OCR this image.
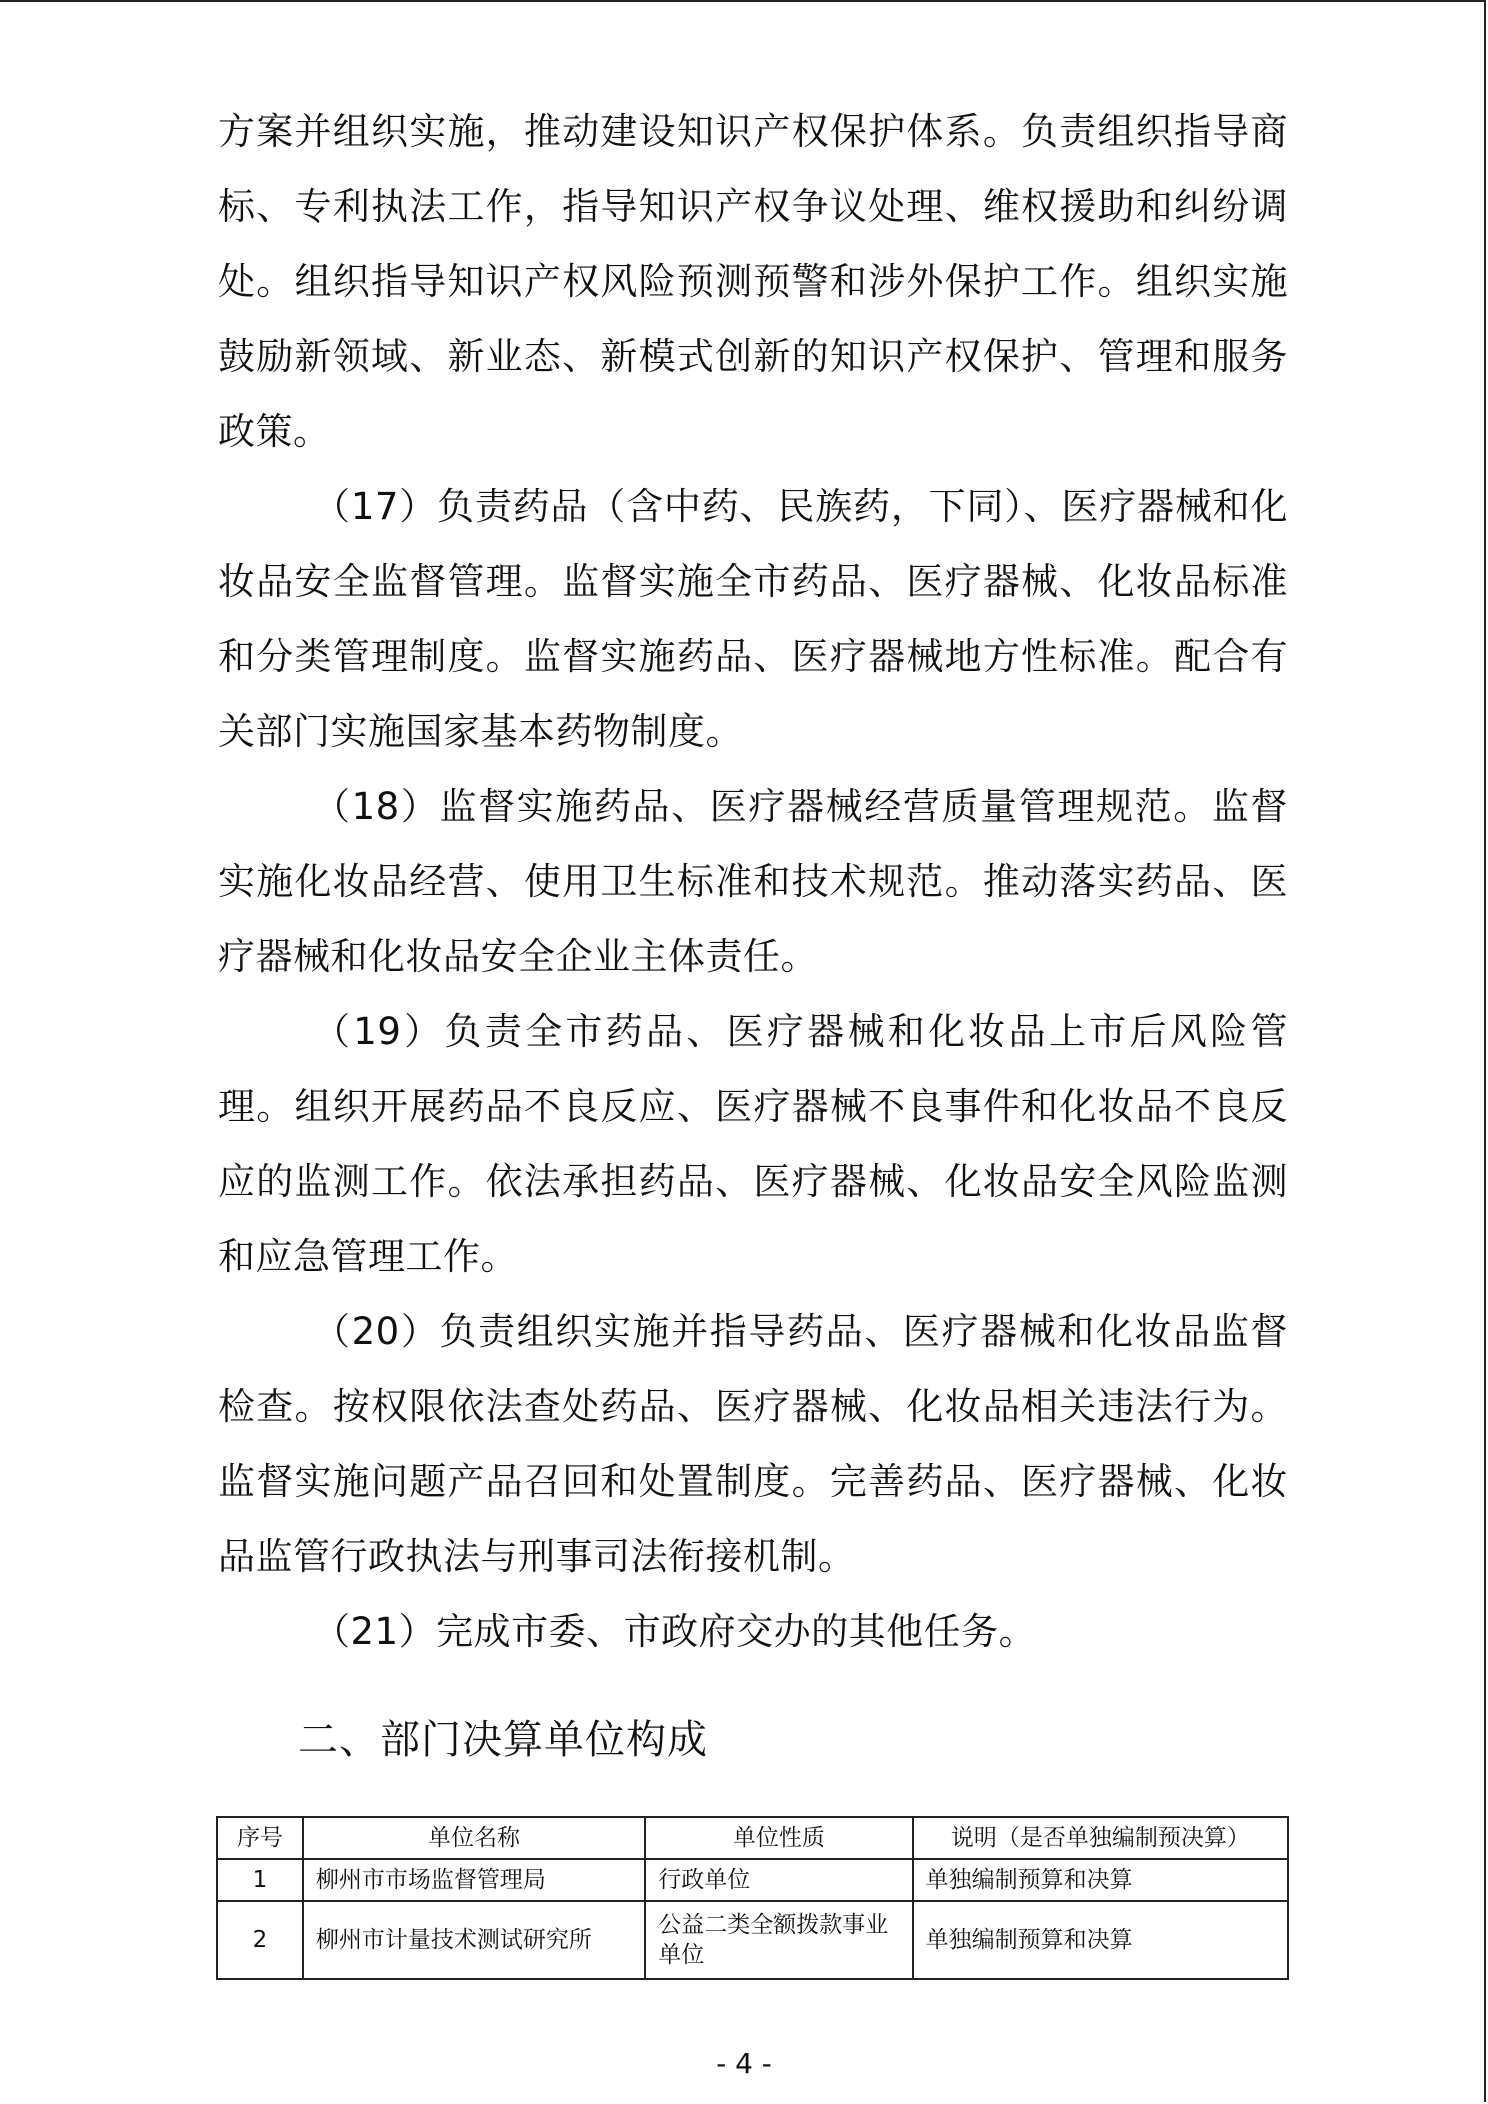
方案并组织实施，推动建设知识产权保护体系。负责组织指导商标、专利执法工作，指导知识产权争议处理、维权援助和纠纷调处。组织指导知识产权风险预测预警和涉外保护工作。组织实施鼓励新领域、新业态、新模式创新的知识产权保护、管理和服务政策。

（17）负责药品（含中药、民族药，下同）、医疗器械和化妆品安全监督管理。监督实施全市药品、医疗器械、化妆品标准和分类管理制度。监督实施药品、医疗器械地方性标准。配合有关部门实施国家基本药物制度。

（18）监督实施药品、医疗器械经营质量管理规范。监督实施化妆品经营、使用卫生标准和技术规范。推动落实药品、医疗器械和化妆品安全企业主体责任。

（19）负责全市药品、医疗器械和化妆品上市后风险管理。组织开展药品不良反应、医疗器械不良事件和化妆品不良反应的监测工作。依法承担药品、医疗器械、化妆品安全风险监测和应急管理工作。

（20）负责组织实施并指导药品、医疗器械和化妆品监督检查。按权限依法查处药品、医疗器械、化妆品相关违法行为。监督实施问题产品召回和处置制度。完善药品、医疗器械、化妆品监管行政执法与刑事司法衔接机制。

（21）完成市委、市政府交办的其他任务。

二、部门决算单位构成
序号	单位名称	单位性质	说明（是否单独编制预决算）
1	柳州市市场监督管理局	行政单位	单独编制预算和决算
2	柳州市计量技术测试研究所	公益二类全额拨款事业单位	单独编制预算和决算

- 4 -
